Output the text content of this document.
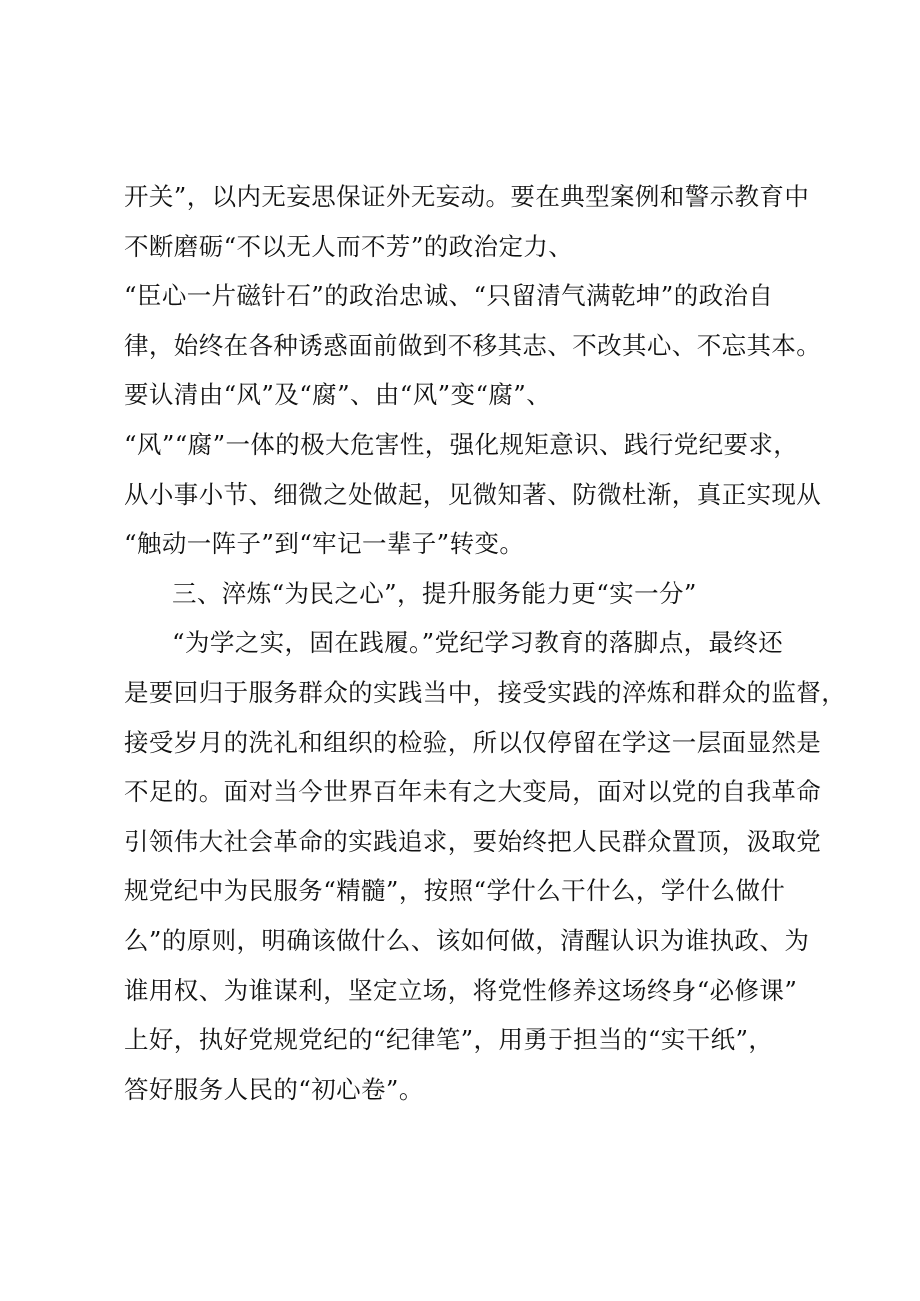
开关”，以内无妄思保证外无妄动。要在典型案例和警示教育中
不断磨砺“不以无人而不芳”的政治定力、
“臣心一片磁针石”的政治忠诚、“只留清气满乾坤”的政治自
律，始终在各种诱惑面前做到不移其志、不改其心、不忘其本。
要认清由“风”及“腐”、由“风”变“腐”、
“风”“腐”一体的极大危害性，强化规矩意识、践行党纪要求，
从小事小节、细微之处做起，见微知著、防微杜渐，真正实现从
“触动一阵子”到“牢记一辈子”转变。
三、淬炼“为民之心”，提升服务能力更“实一分”
“为学之实，固在践履。”党纪学习教育的落脚点，最终还
是要回归于服务群众的实践当中，接受实践的淬炼和群众的监督，
接受岁月的洗礼和组织的检验，所以仅停留在学这一层面显然是
不足的。面对当今世界百年未有之大变局，面对以党的自我革命
引领伟大社会革命的实践追求，要始终把人民群众置顶，汲取党
规党纪中为民服务“精髓”，按照“学什么干什么，学什么做什
么”的原则，明确该做什么、该如何做，清醒认识为谁执政、为
谁用权、为谁谋利，坚定立场，将党性修养这场终身“必修课”
上好，执好党规党纪的“纪律笔”，用勇于担当的“实干纸”，
答好服务人民的“初心卷”。
